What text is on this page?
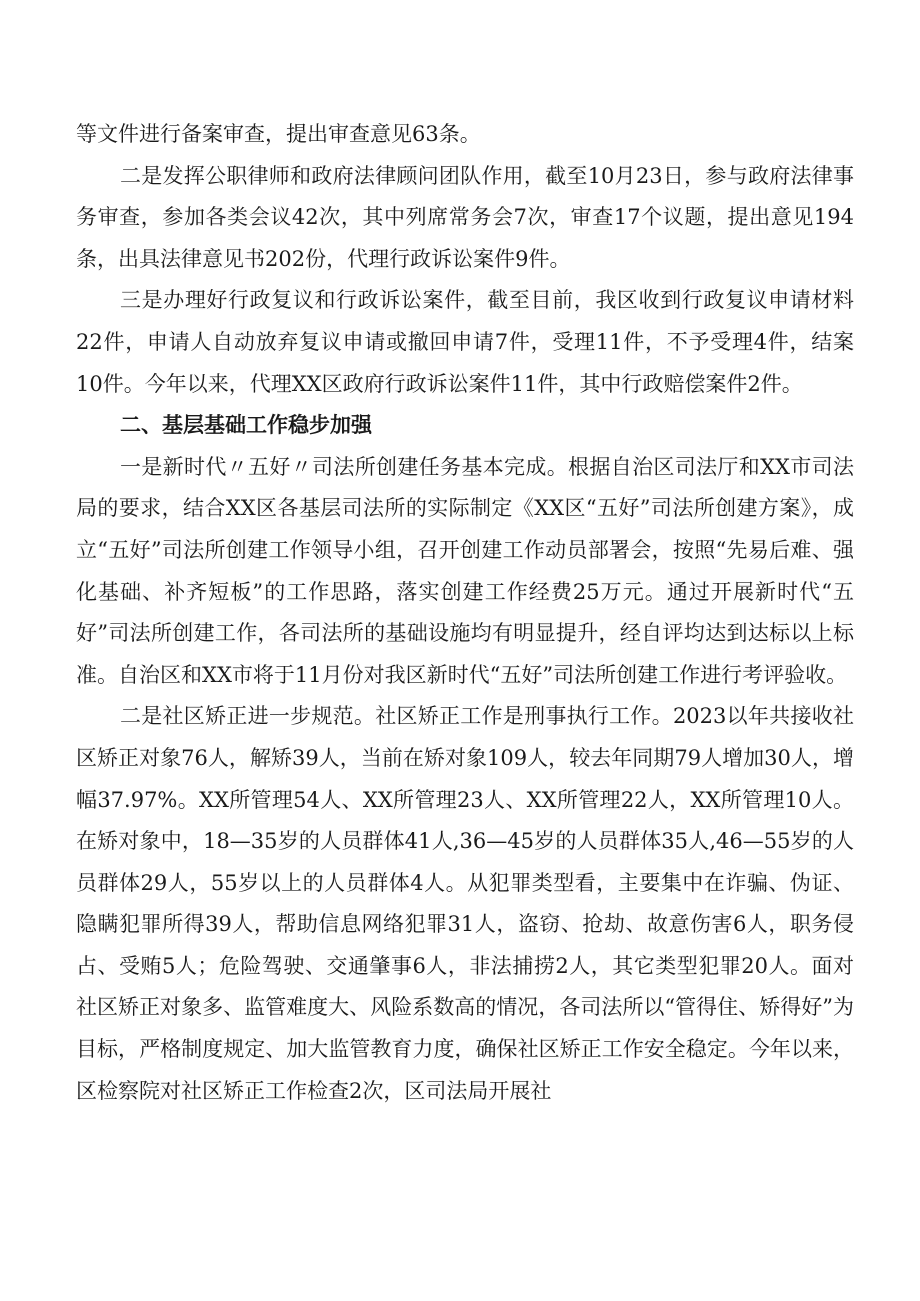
等文件进行备案审查，提出审查意见63条。

二是发挥公职律师和政府法律顾问团队作用，截至10月23日，参与政府法律事务审查，参加各类会议42次，其中列席常务会7次，审查17个议题，提出意见194条，出具法律意见书202份，代理行政诉讼案件9件。

三是办理好行政复议和行政诉讼案件，截至目前，我区收到行政复议申请材料22件，申请人自动放弃复议申请或撤回申请7件，受理11件，不予受理4件，结案10件。今年以来，代理XX区政府行政诉讼案件11件，其中行政赔偿案件2件。

二、基层基础工作稳步加强

一是新时代〃五好〃司法所创建任务基本完成。根据自治区司法厅和XX市司法局的要求，结合XX区各基层司法所的实际制定《XX区“五好”司法所创建方案》，成立“五好”司法所创建工作领导小组，召开创建工作动员部署会，按照“先易后难、强化基础、补齐短板”的工作思路，落实创建工作经费25万元。通过开展新时代“五好”司法所创建工作，各司法所的基础设施均有明显提升，经自评均达到达标以上标准。自治区和XX市将于11月份对我区新时代“五好”司法所创建工作进行考评验收。

二是社区矫正进一步规范。社区矫正工作是刑事执行工作。2023以年共接收社区矫正对象76人，解矫39人，当前在矫对象109人，较去年同期79人增加30人，增幅37.97%。XX所管理54人、XX所管理23人、XX所管理22人，XX所管理10人。在矫对象中，18—35岁的人员群体41人,36—45岁的人员群体35人,46—55岁的人员群体29人，55岁以上的人员群体4人。从犯罪类型看，主要集中在诈骗、伪证、隐瞒犯罪所得39人，帮助信息网络犯罪31人，盗窃、抢劫、故意伤害6人，职务侵占、受贿5人；危险驾驶、交通肇事6人，非法捕捞2人，其它类型犯罪20人。面对社区矫正对象多、监管难度大、风险系数高的情况，各司法所以“管得住、矫得好”为目标，严格制度规定、加大监管教育力度，确保社区矫正工作安全稳定。今年以来，区检察院对社区矫正工作检查2次，区司法局开展社
